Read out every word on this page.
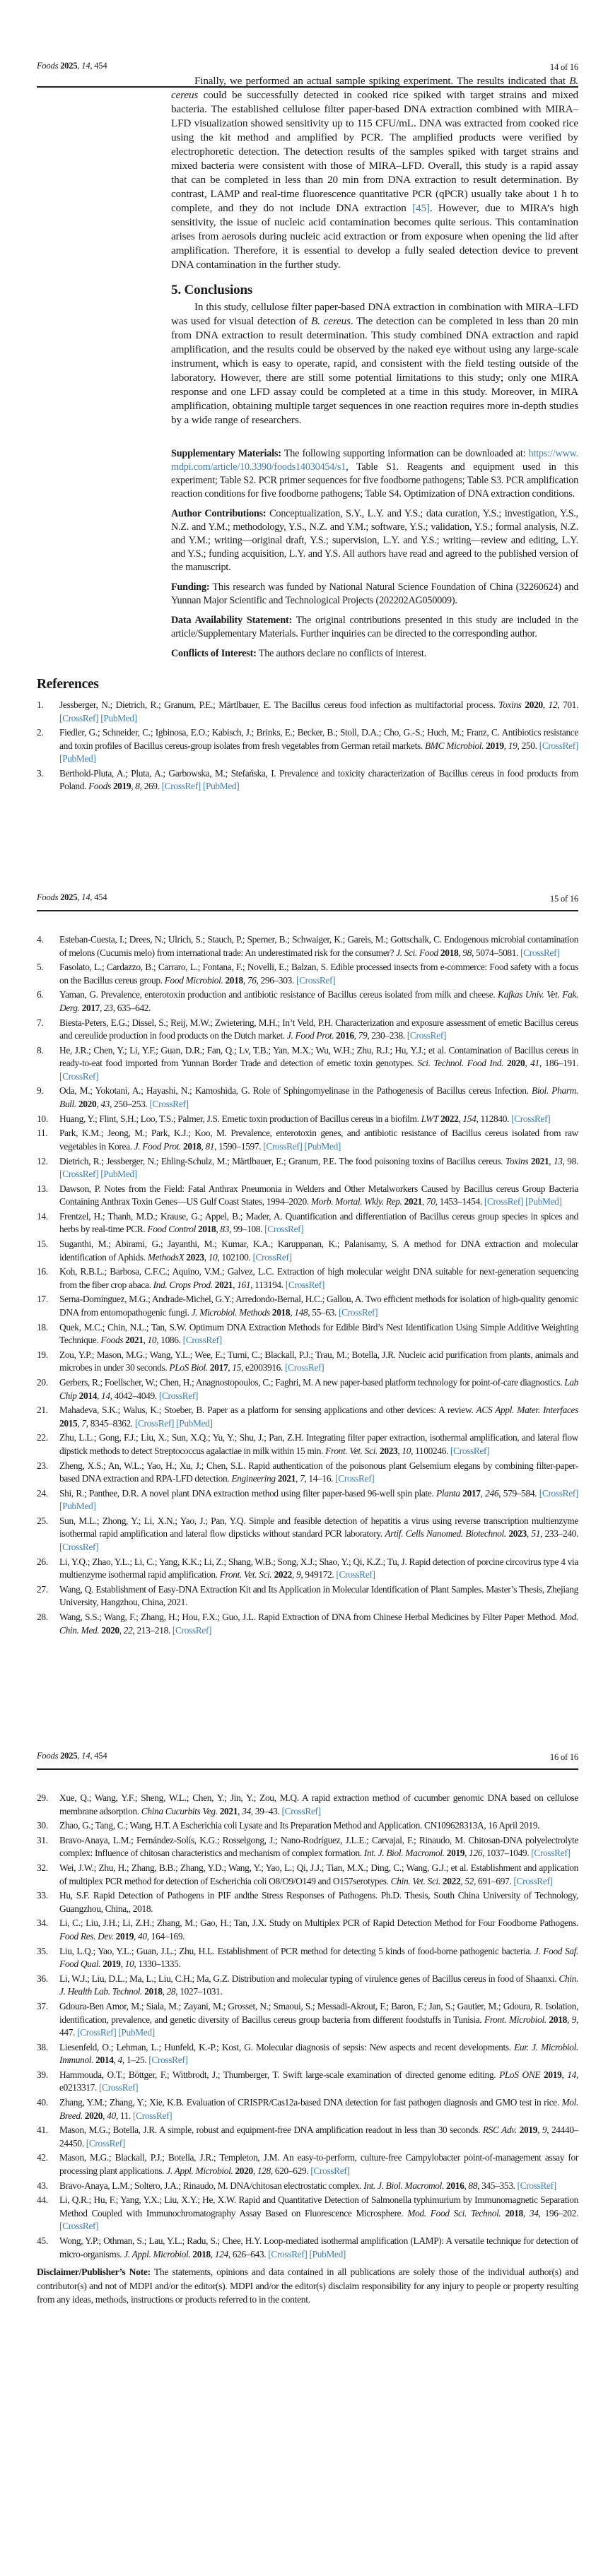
Foods 2025, 14, 454	14 of 16

Finally, we performed an actual sample spiking experiment. The results indicated that B. cereus could be successfully detected in cooked rice spiked with target strains and mixed bacteria. The established cellulose filter paper-based DNA extraction combined with MIRA–LFD visualization showed sensitivity up to 115 CFU/mL. DNA was extracted from cooked rice using the kit method and amplified by PCR. The amplified products were verified by electrophoretic detection. The detection results of the samples spiked with target strains and mixed bacteria were consistent with those of MIRA–LFD. Overall, this study is a rapid assay that can be completed in less than 20 min from DNA extraction to result determination. By contrast, LAMP and real-time fluorescence quantitative PCR (qPCR) usually take about 1 h to complete, and they do not include DNA extraction [45]. However, due to MIRA’s high sensitivity, the issue of nucleic acid contamination becomes quite serious. This contamination arises from aerosols during nucleic acid extraction or from exposure when opening the lid after amplification. Therefore, it is essential to develop a fully sealed detection device to prevent DNA contamination in the further study.

5. Conclusions

In this study, cellulose filter paper-based DNA extraction in combination with MIRA–LFD was used for visual detection of B. cereus. The detection can be completed in less than 20 min from DNA extraction to result determination. This study combined DNA extraction and rapid amplification, and the results could be observed by the naked eye without using any large-scale instrument, which is easy to operate, rapid, and consistent with the field testing outside of the laboratory. However, there are still some potential limitations to this study; only one MIRA response and one LFD assay could be completed at a time in this study. Moreover, in MIRA amplification, obtaining multiple target sequences in one reaction requires more in-depth studies by a wide range of researchers.

Supplementary Materials: The following supporting information can be downloaded at: https://www.mdpi.com/article/10.3390/foods14030454/s1, Table S1. Reagents and equipment used in this experiment; Table S2. PCR primer sequences for five foodborne pathogens; Table S3. PCR amplification reaction conditions for five foodborne pathogens; Table S4. Optimization of DNA extraction conditions.

Author Contributions: Conceptualization, S.Y., L.Y. and Y.S.; data curation, Y.S.; investigation, Y.S., N.Z. and Y.M.; methodology, Y.S., N.Z. and Y.M.; software, Y.S.; validation, Y.S.; formal analysis, N.Z. and Y.M.; writing—original draft, Y.S.; supervision, L.Y. and Y.S.; writing—review and editing, L.Y. and Y.S.; funding acquisition, L.Y. and Y.S. All authors have read and agreed to the published version of the manuscript.

Funding: This research was funded by National Natural Science Foundation of China (32260624) and Yunnan Major Scientific and Technological Projects (202202AG050009).

Data Availability Statement: The original contributions presented in this study are included in the article/Supplementary Materials. Further inquiries can be directed to the corresponding author.

Conflicts of Interest: The authors declare no conflicts of interest.

References
1. Jessberger, N.; Dietrich, R.; Granum, P.E.; Märtlbauer, E. The Bacillus cereus food infection as multifactorial process. Toxins 2020, 12, 701. [CrossRef] [PubMed]
2. Fiedler, G.; Schneider, C.; Igbinosa, E.O.; Kabisch, J.; Brinks, E.; Becker, B.; Stoll, D.A.; Cho, G.-S.; Huch, M.; Franz, C. Antibiotics resistance and toxin profiles of Bacillus cereus-group isolates from fresh vegetables from German retail markets. BMC Microbiol. 2019, 19, 250. [CrossRef] [PubMed]
3. Berthold-Pluta, A.; Pluta, A.; Garbowska, M.; Stefańska, I. Prevalence and toxicity characterization of Bacillus cereus in food products from Poland. Foods 2019, 8, 269. [CrossRef] [PubMed]
Foods 2025, 14, 454	15 of 16
4. Esteban-Cuesta, I.; Drees, N.; Ulrich, S.; Stauch, P.; Sperner, B.; Schwaiger, K.; Gareis, M.; Gottschalk, C. Endogenous microbial contamination of melons (Cucumis melo) from international trade: An underestimated risk for the consumer? J. Sci. Food 2018, 98, 5074–5081. [CrossRef]
5. Fasolato, L.; Cardazzo, B.; Carraro, L.; Fontana, F.; Novelli, E.; Balzan, S. Edible processed insects from e-commerce: Food safety with a focus on the Bacillus cereus group. Food Microbiol. 2018, 76, 296–303. [CrossRef]
6. Yaman, G. Prevalence, enterotoxin production and antibiotic resistance of Bacillus cereus isolated from milk and cheese. Kafkas Univ. Vet. Fak. Derg. 2017, 23, 635–642.
7. Biesta-Peters, E.G.; Dissel, S.; Reij, M.W.; Zwietering, M.H.; In’t Veld, P.H. Characterization and exposure assessment of emetic Bacillus cereus and cereulide production in food products on the Dutch market. J. Food Prot. 2016, 79, 230–238. [CrossRef]
8. He, J.R.; Chen, Y.; Li, Y.F.; Guan, D.R.; Fan, Q.; Lv, T.B.; Yan, M.X.; Wu, W.H.; Zhu, R.J.; Hu, Y.J.; et al. Contamination of Bacillus cereus in ready-to-eat food imported from Yunnan Border Trade and detection of emetic toxin genotypes. Sci. Technol. Food Ind. 2020, 41, 186–191. [CrossRef]
9. Oda, M.; Yokotani, A.; Hayashi, N.; Kamoshida, G. Role of Sphingomyelinase in the Pathogenesis of Bacillus cereus Infection. Biol. Pharm. Bull. 2020, 43, 250–253. [CrossRef]
10. Huang, Y.; Flint, S.H.; Loo, T.S.; Palmer, J.S. Emetic toxin production of Bacillus cereus in a biofilm. LWT 2022, 154, 112840. [CrossRef]
11. Park, K.M.; Jeong, M.; Park, K.J.; Koo, M. Prevalence, enterotoxin genes, and antibiotic resistance of Bacillus cereus isolated from raw vegetables in Korea. J. Food Prot. 2018, 81, 1590–1597. [CrossRef] [PubMed]
12. Dietrich, R.; Jessberger, N.; Ehling-Schulz, M.; Märtlbauer, E.; Granum, P.E. The food poisoning toxins of Bacillus cereus. Toxins 2021, 13, 98. [CrossRef] [PubMed]
13. Dawson, P. Notes from the Field: Fatal Anthrax Pneumonia in Welders and Other Metalworkers Caused by Bacillus cereus Group Bacteria Containing Anthrax Toxin Genes—US Gulf Coast States, 1994–2020. Morb. Mortal. Wkly. Rep. 2021, 70, 1453–1454. [CrossRef] [PubMed]
14. Frentzel, H.; Thanh, M.D.; Krause, G.; Appel, B.; Mader, A. Quantification and differentiation of Bacillus cereus group species in spices and herbs by real-time PCR. Food Control 2018, 83, 99–108. [CrossRef]
15. Suganthi, M.; Abirami, G.; Jayanthi, M.; Kumar, K.A.; Karuppanan, K.; Palanisamy, S. A method for DNA extraction and molecular identification of Aphids. MethodsX 2023, 10, 102100. [CrossRef]
16. Koh, R.B.L.; Barbosa, C.F.C.; Aquino, V.M.; Galvez, L.C. Extraction of high molecular weight DNA suitable for next-generation sequencing from the fiber crop abaca. Ind. Crops Prod. 2021, 161, 113194. [CrossRef]
17. Serna-Domínguez, M.G.; Andrade-Michel, G.Y.; Arredondo-Bernal, H.C.; Gallou, A. Two efficient methods for isolation of high-quality genomic DNA from entomopathogenic fungi. J. Microbiol. Methods 2018, 148, 55–63. [CrossRef]
18. Quek, M.C.; Chin, N.L.; Tan, S.W. Optimum DNA Extraction Methods for Edible Bird’s Nest Identification Using Simple Additive Weighting Technique. Foods 2021, 10, 1086. [CrossRef]
19. Zou, Y.P.; Mason, M.G.; Wang, Y.L.; Wee, E.; Turni, C.; Blackall, P.J.; Trau, M.; Botella, J.R. Nucleic acid purification from plants, animals and microbes in under 30 seconds. PLoS Biol. 2017, 15, e2003916. [CrossRef]
20. Gerbers, R.; Foellscher, W.; Chen, H.; Anagnostopoulos, C.; Faghri, M. A new paper-based platform technology for point-of-care diagnostics. Lab Chip 2014, 14, 4042–4049. [CrossRef]
21. Mahadeva, S.K.; Walus, K.; Stoeber, B. Paper as a platform for sensing applications and other devices: A review. ACS Appl. Mater. Interfaces 2015, 7, 8345–8362. [CrossRef] [PubMed]
22. Zhu, L.L.; Gong, F.J.; Liu, X.; Sun, X.Q.; Yu, Y.; Shu, J.; Pan, Z.H. Integrating filter paper extraction, isothermal amplification, and lateral flow dipstick methods to detect Streptococcus agalactiae in milk within 15 min. Front. Vet. Sci. 2023, 10, 1100246. [CrossRef]
23. Zheng, X.S.; An, W.L.; Yao, H.; Xu, J.; Chen, S.L. Rapid authentication of the poisonous plant Gelsemium elegans by combining filter-paper-based DNA extraction and RPA-LFD detection. Engineering 2021, 7, 14–16. [CrossRef]
24. Shi, R.; Panthee, D.R. A novel plant DNA extraction method using filter paper-based 96-well spin plate. Planta 2017, 246, 579–584. [CrossRef] [PubMed]
25. Sun, M.L.; Zhong, Y.; Li, X.N.; Yao, J.; Pan, Y.Q. Simple and feasible detection of hepatitis a virus using reverse transcription multienzyme isothermal rapid amplification and lateral flow dipsticks without standard PCR laboratory. Artif. Cells Nanomed. Biotechnol. 2023, 51, 233–240. [CrossRef]
26. Li, Y.Q.; Zhao, Y.L.; Li, C.; Yang, K.K.; Li, Z.; Shang, W.B.; Song, X.J.; Shao, Y.; Qi, K.Z.; Tu, J. Rapid detection of porcine circovirus type 4 via multienzyme isothermal rapid amplification. Front. Vet. Sci. 2022, 9, 949172. [CrossRef]
27. Wang, Q. Establishment of Easy-DNA Extraction Kit and Its Application in Molecular Identification of Plant Samples. Master’s Thesis, Zhejiang University, Hangzhou, China, 2021.
28. Wang, S.S.; Wang, F.; Zhang, H.; Hou, F.X.; Guo, J.L. Rapid Extraction of DNA from Chinese Herbal Medicines by Filter Paper Method. Mod. Chin. Med. 2020, 22, 213–218. [CrossRef]
Foods 2025, 14, 454	16 of 16
29. Xue, Q.; Wang, Y.F.; Sheng, W.L.; Chen, Y.; Jin, Y.; Zou, M.Q. A rapid extraction method of cucumber genomic DNA based on cellulose membrane adsorption. China Cucurbits Veg. 2021, 34, 39–43. [CrossRef]
30. Zhao, G.; Tang, C.; Wang, H.T. A Escherichia coli Lysate and Its Preparation Method and Application. CN109628313A, 16 April 2019.
31. Bravo-Anaya, L.M.; Fernández-Solís, K.G.; Rosselgong, J.; Nano-Rodríguez, J.L.E.; Carvajal, F.; Rinaudo, M. Chitosan-DNA polyelectrolyte complex: Influence of chitosan characteristics and mechanism of complex formation. Int. J. Biol. Macromol. 2019, 126, 1037–1049. [CrossRef]
32. Wei, J.W.; Zhu, H.; Zhang, B.B.; Zhang, Y.D.; Wang, Y.; Yao, L.; Qi, J.J.; Tian, M.X.; Ding, C.; Wang, G.J.; et al. Establishment and application of multiplex PCR method for detection of Escherichia coli O8/O9/O149 and O157serotypes. Chin. Vet. Sci. 2022, 52, 691–697. [CrossRef]
33. Hu, S.F. Rapid Detection of Pathogens in PIF andthe Stress Responses of Pathogens. Ph.D. Thesis, South China University of Technology, Guangzhou, China,, 2018.
34. Li, C.; Liu, J.H.; Li, Z.H.; Zhang, M.; Gao, H.; Tan, J.X. Study on Multiplex PCR of Rapid Detection Method for Four Foodborne Pathogens. Food Res. Dev. 2019, 40, 164–169.
35. Liu, L.Q.; Yao, Y.L.; Guan, J.L.; Zhu, H.L. Establishment of PCR method for detecting 5 kinds of food-borne pathogenic bacteria. J. Food Saf. Food Qual. 2019, 10, 1330–1335.
36. Li, W.J.; Liu, D.L.; Ma, L.; Liu, C.H.; Ma, G.Z. Distribution and molecular typing of virulence genes of Bacillus cereus in food of Shaanxi. Chin. J. Health Lab. Technol. 2018, 28, 1027–1031.
37. Gdoura-Ben Amor, M.; Siala, M.; Zayani, M.; Grosset, N.; Smaoui, S.; Messadi-Akrout, F.; Baron, F.; Jan, S.; Gautier, M.; Gdoura, R. Isolation, identification, prevalence, and genetic diversity of Bacillus cereus group bacteria from different foodstuffs in Tunisia. Front. Microbiol. 2018, 9, 447. [CrossRef] [PubMed]
38. Liesenfeld, O.; Lehman, L.; Hunfeld, K.-P.; Kost, G. Molecular diagnosis of sepsis: New aspects and recent developments. Eur. J. Microbiol. Immunol. 2014, 4, 1–25. [CrossRef]
39. Hammouda, O.T.; Böttger, F.; Wittbrodt, J.; Thumberger, T. Swift large-scale examination of directed genome editing. PLoS ONE 2019, 14, e0213317. [CrossRef]
40. Zhang, Y.M.; Zhang, Y.; Xie, K.B. Evaluation of CRISPR/Cas12a-based DNA detection for fast pathogen diagnosis and GMO test in rice. Mol. Breed. 2020, 40, 11. [CrossRef]
41. Mason, M.G.; Botella, J.R. A simple, robust and equipment-free DNA amplification readout in less than 30 seconds. RSC Adv. 2019, 9, 24440–24450. [CrossRef]
42. Mason, M.G.; Blackall, P.J.; Botella, J.R.; Templeton, J.M. An easy-to-perform, culture-free Campylobacter point-of-management assay for processing plant applications. J. Appl. Microbiol. 2020, 128, 620–629. [CrossRef]
43. Bravo-Anaya, L.M.; Soltero, J.A.; Rinaudo, M. DNA/chitosan electrostatic complex. Int. J. Biol. Macromol. 2016, 88, 345–353. [CrossRef]
44. Li, Q.R.; Hu, F.; Yang, Y.X.; Liu, X.Y.; He, X.W. Rapid and Quantitative Detection of Salmonella typhimurium by Immunomagnetic Separation Method Coupled with Immunochromatography Assay Based on Fluorescence Microsphere. Mod. Food Sci. Technol. 2018, 34, 196–202. [CrossRef]
45. Wong, Y.P.; Othman, S.; Lau, Y.L.; Radu, S.; Chee, H.Y. Loop-mediated isothermal amplification (LAMP): A versatile technique for detection of micro-organisms. J. Appl. Microbiol. 2018, 124, 626–643. [CrossRef] [PubMed]
Disclaimer/Publisher’s Note: The statements, opinions and data contained in all publications are solely those of the individual author(s) and contributor(s) and not of MDPI and/or the editor(s). MDPI and/or the editor(s) disclaim responsibility for any injury to people or property resulting from any ideas, methods, instructions or products referred to in the content.
